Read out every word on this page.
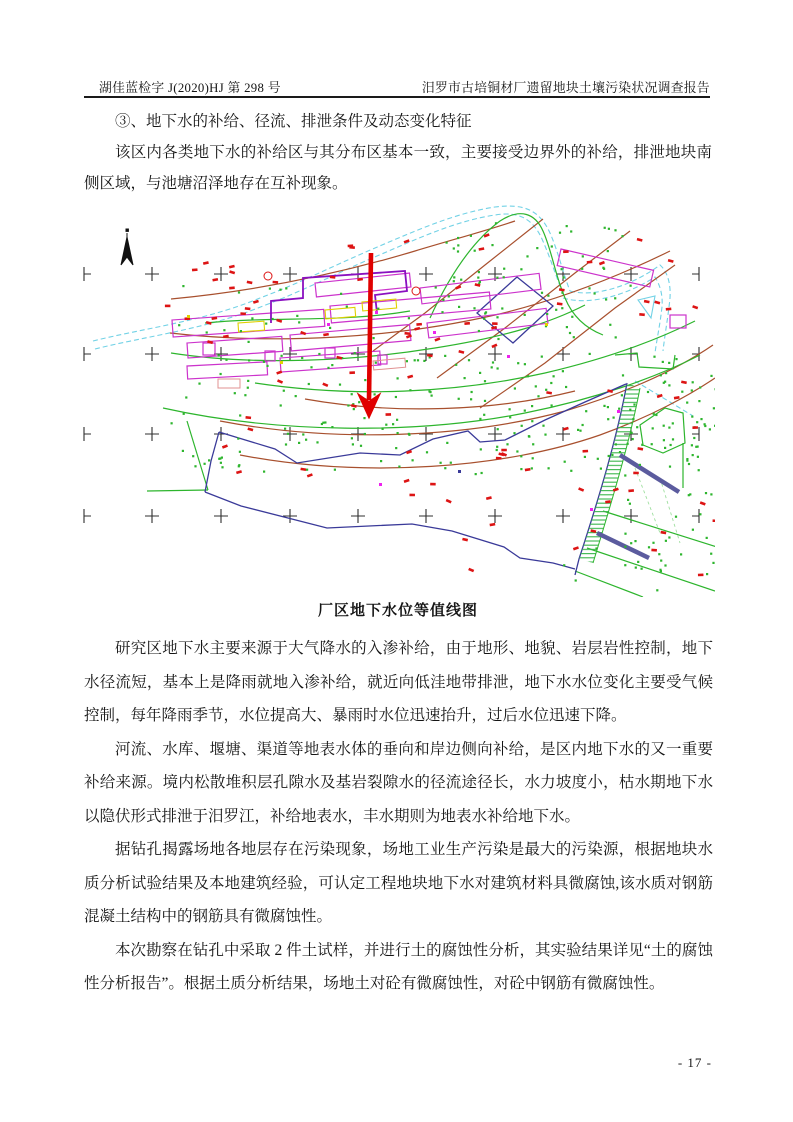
湖佳蓝检字 J(2020)HJ 第 298 号	汨罗市古培铜材厂遗留地块土壤污染状况调查报告

③、地下水的补给、径流、排泄条件及动态变化特征

该区内各类地下水的补给区与其分布区基本一致，主要接受边界外的补给，排泄地块南侧区域，与池塘沼泽地存在互补现象。

厂区地下水位等值线图

研究区地下水主要来源于大气降水的入渗补给，由于地形、地貌、岩层岩性控制，地下水径流短，基本上是降雨就地入渗补给，就近向低洼地带排泄，地下水水位变化主要受气候控制，每年降雨季节，水位提高大、暴雨时水位迅速抬升，过后水位迅速下降。

河流、水库、堰塘、渠道等地表水体的垂向和岸边侧向补给，是区内地下水的又一重要补给来源。境内松散堆积层孔隙水及基岩裂隙水的径流途径长，水力坡度小，枯水期地下水以隐伏形式排泄于汨罗江，补给地表水，丰水期则为地表水补给地下水。

据钻孔揭露场地各地层存在污染现象，场地工业生产污染是最大的污染源，根据地块水质分析试验结果及本地建筑经验，可认定工程地块地下水对建筑材料具微腐蚀,该水质对钢筋混凝土结构中的钢筋具有微腐蚀性。

本次勘察在钻孔中采取 2 件土试样，并进行土的腐蚀性分析，其实验结果详见“土的腐蚀性分析报告”。根据土质分析结果，场地土对砼有微腐蚀性，对砼中钢筋有微腐蚀性。

- 17 -
